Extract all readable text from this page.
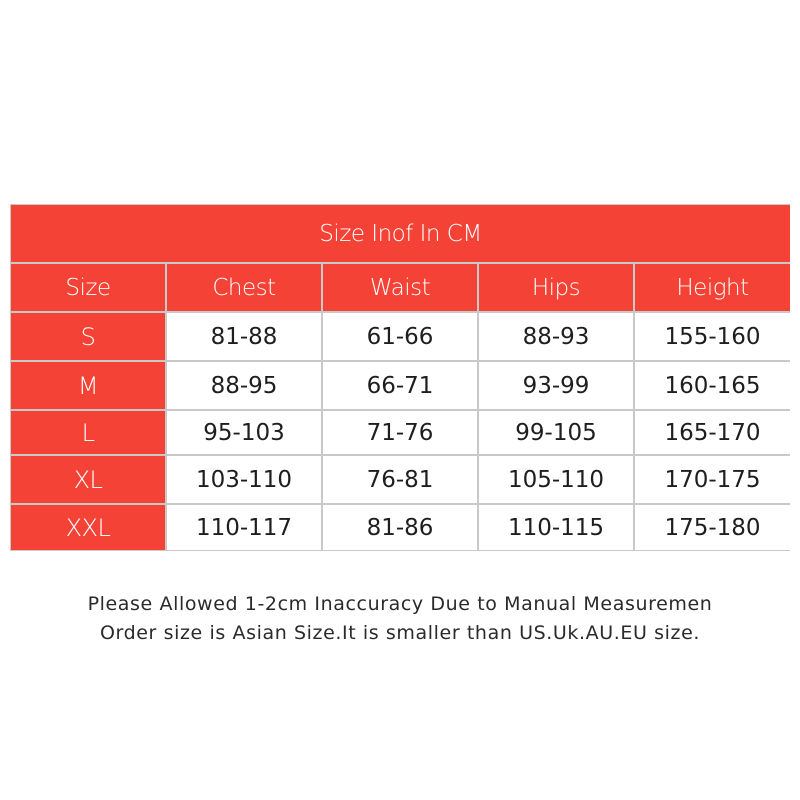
Size Inof In CM
Size	Chest	Waist	Hips	Height
S	81-88	61-66	88-93	155-160
M	88-95	66-71	93-99	160-165
L	95-103	71-76	99-105	165-170
XL	103-110	76-81	105-110	170-175
XXL	110-117	81-86	110-115	175-180
Please Allowed 1-2cm Inaccuracy Due to Manual Measuremen
Order size is Asian Size.It is smaller than US.Uk.AU.EU size.
